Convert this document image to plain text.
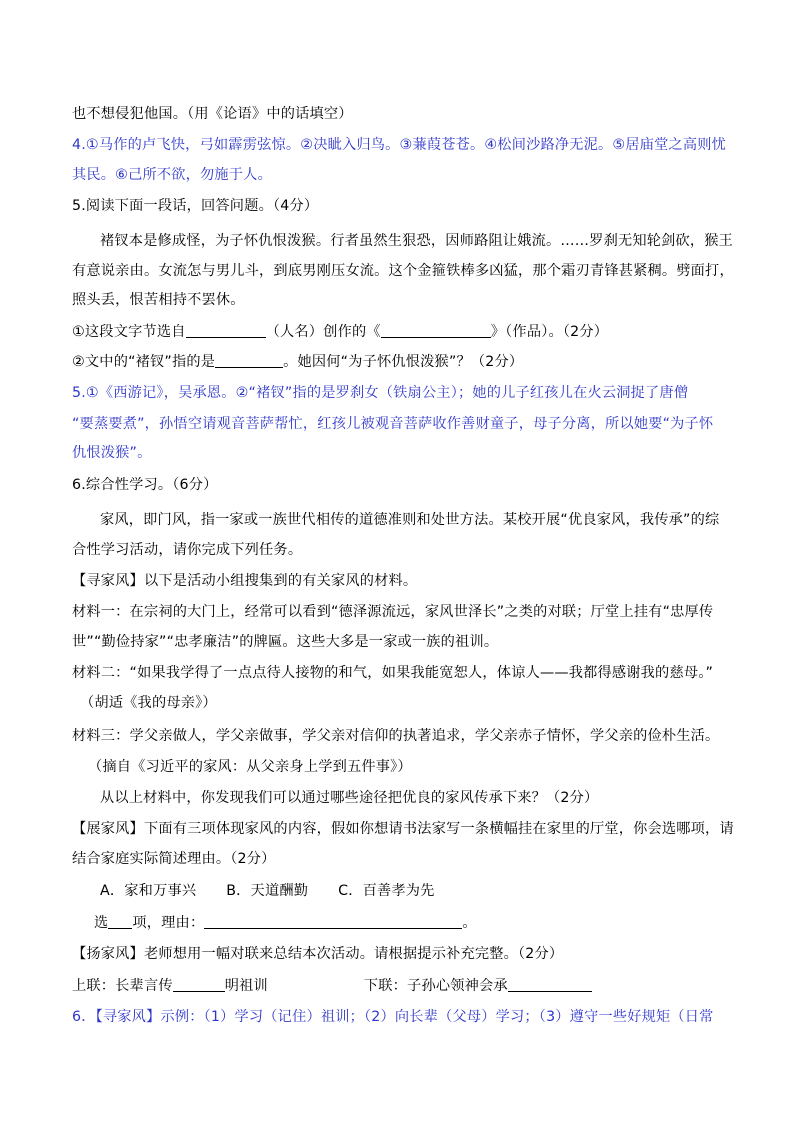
也不想侵犯他国。（用《论语》中的话填空）
4.①马作的卢飞快，弓如霹雳弦惊。②决眦入归鸟。③蒹葭苍苍。④松间沙路净无泥。⑤居庙堂之高则忧
其民。⑥己所不欲，勿施于人。
5.阅读下面一段话，回答问题。（4分）
褚钗本是修成怪，为子怀仇恨泼猴。行者虽然生狠恐，因师路阻让娥流。……罗刹无知轮剑砍，猴王
有意说亲由。女流怎与男儿斗，到底男刚压女流。这个金箍铁棒多凶猛，那个霜刃青锋甚紧稠。劈面打，
照头丢，恨苦相持不罢休。
①这段文字节选自	（人名）创作的《	》（作品）。（2分）
②文中的“褚钗”指的是	。她因何“为子怀仇恨泼猴”？（2分）
5.①《西游记》，吴承恩。②“褚钗”指的是罗刹女（铁扇公主）；她的儿子红孩儿在火云洞捉了唐僧
“要蒸要煮”，孙悟空请观音菩萨帮忙，红孩儿被观音菩萨收作善财童子，母子分离，所以她要“为子怀
仇恨泼猴”。
6.综合性学习。（6分）
家风，即门风，指一家或一族世代相传的道德准则和处世方法。某校开展“优良家风，我传承”的综
合性学习活动，请你完成下列任务。
【寻家风】以下是活动小组搜集到的有关家风的材料。
材料一：在宗祠的大门上，经常可以看到“德泽源流远，家风世泽长”之类的对联；厅堂上挂有“忠厚传
世”“勤俭持家”“忠孝廉洁”的牌匾。这些大多是一家或一族的祖训。
材料二：“如果我学得了一点点待人接物的和气，如果我能宽恕人，体谅人——我都得感谢我的慈母。”
（胡适《我的母亲》）
材料三：学父亲做人，学父亲做事，学父亲对信仰的执著追求，学父亲赤子情怀，学父亲的俭朴生活。
（摘自《习近平的家风：从父亲身上学到五件事》）
从以上材料中，你发现我们可以通过哪些途径把优良的家风传承下来？（2分）
【展家风】下面有三项体现家风的内容，假如你想请书法家写一条横幅挂在家里的厅堂，你会选哪项，请
结合家庭实际简述理由。（2分）
A．家和万事兴 B．天道酬勤 C．百善孝为先
选 项，理由：	。
【扬家风】老师想用一幅对联来总结本次活动。请根据提示补充完整。（2分）
上联：长辈言传	明祖训	下联：子孙心领神会承
6．【寻家风】示例：（1）学习（记住）祖训；（2）向长辈（父母）学习；（3）遵守一些好规矩（日常
